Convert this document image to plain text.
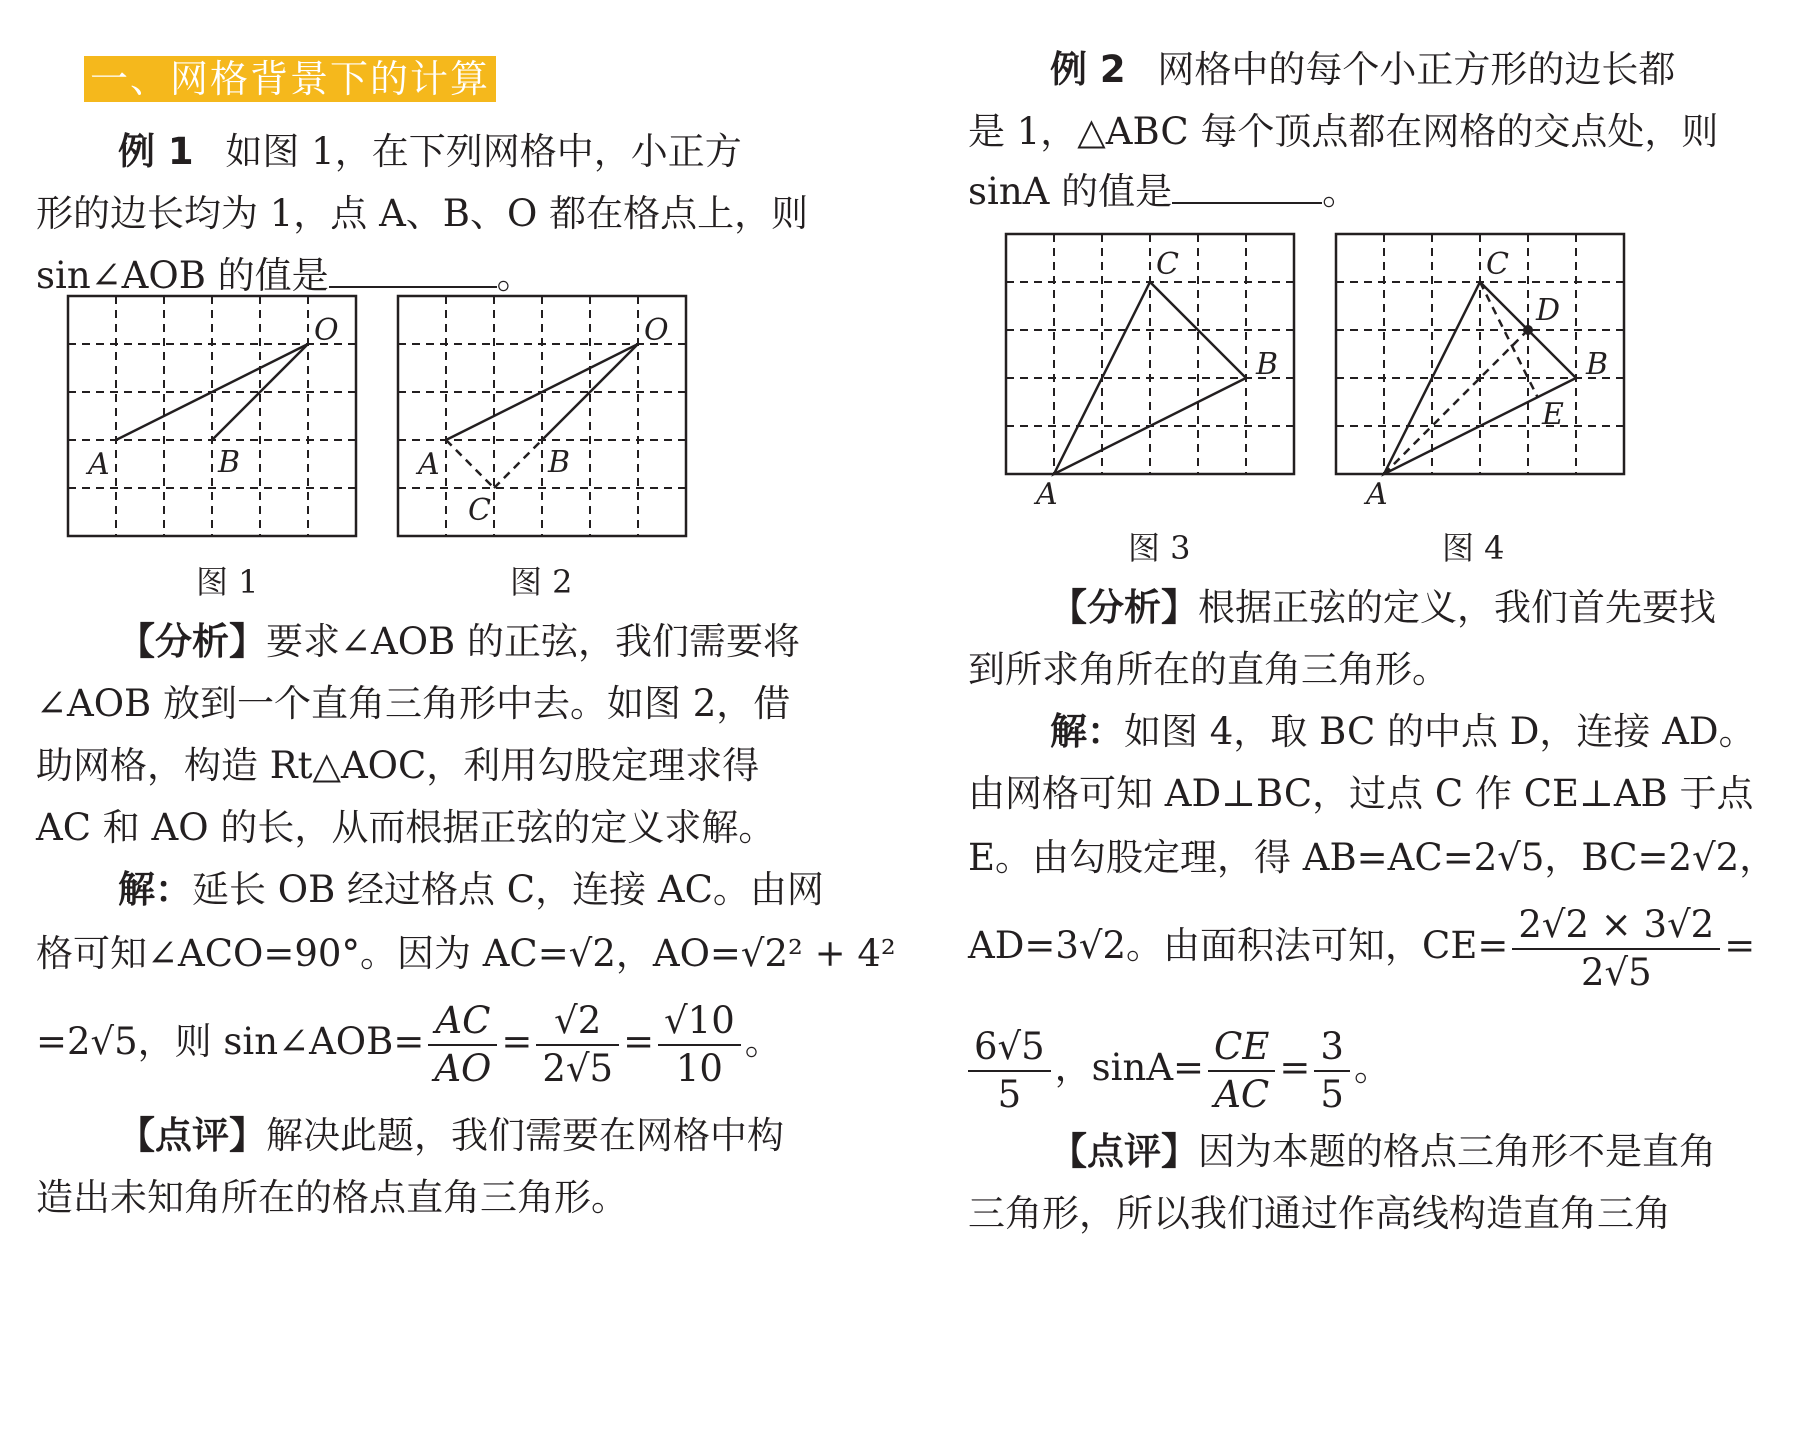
一、网格背景下的计算
例 1 如图 1，在下列网格中，小正方
形的边长均为 1，点 A、B、O 都在格点上，则
sin∠AOB 的值是	。
A	B
O
图 1
A	B
O
C
图 2
【分析】要求∠AOB 的正弦，我们需要将
∠AOB 放到一个直角三角形中去。如图 2，借
助网格，构造 Rt△AOC，利用勾股定理求得
AC 和 AO 的长，从而根据正弦的定义求解。
解：延长 OB 经过格点 C，连接 AC。由网
格可知∠ACO=90°。因为 AC=√2，AO=√2² + 4²
=2√5，则 sin∠AOB= $\frac{AC}{AO} = \frac{√2}{2√5} = \frac{√10}{10}$ 。
【点评】解决此题，我们需要在网格中构
造出未知角所在的格点直角三角形。
例 2 网格中的每个小正方形的边长都
是 1，△ABC 每个顶点都在网格的交点处，则
sinA 的值是	。
A
B
C
图 3
A
B
C
D
E
图 4
【分析】根据正弦的定义，我们首先要找
到所求角所在的直角三角形。
解：如图 4，取 BC 的中点 D，连接 AD。
由网格可知 AD⊥BC，过点 C 作 CE⊥AB 于点
E。由勾股定理，得 AB=AC=2√5，BC=2√2，
AD=3√2。由面积法可知，$CE= \frac{2√2 \times 3√2}{2√5}$ =
$\frac{6√5}{5}$ ，$\sin A= \frac{CE}{AC} = \frac{3}{5}$ 。
【点评】因为本题的格点三角形不是直角
三角形，所以我们通过作高线构造直角三角
